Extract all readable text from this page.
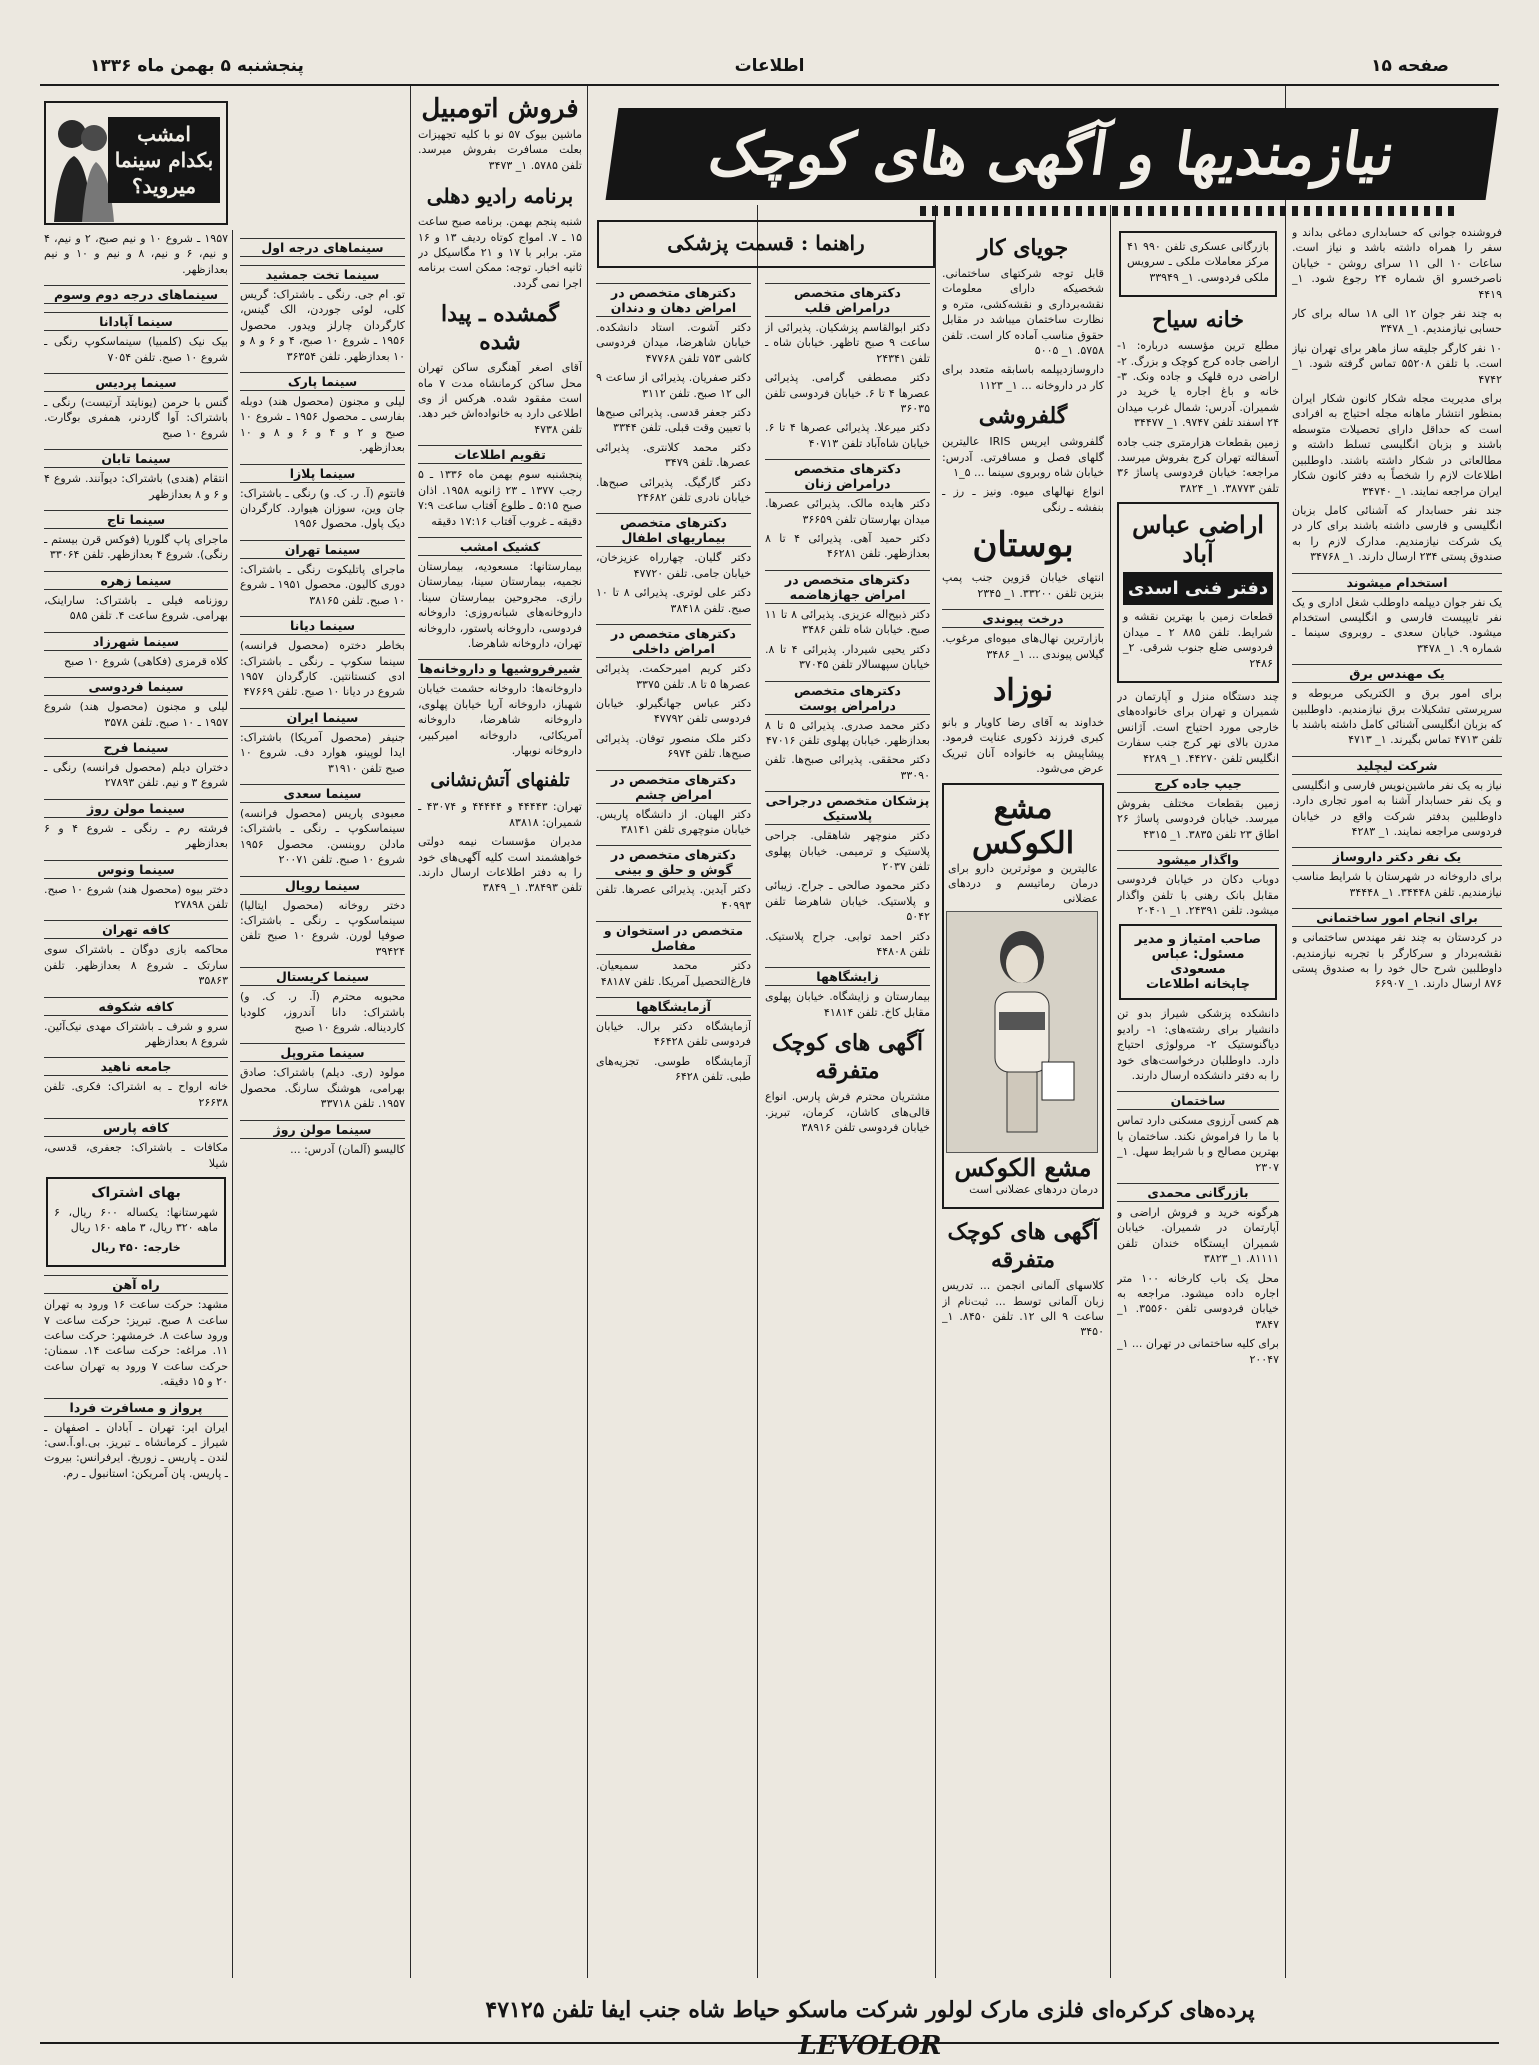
صفحه ۱۵
اطلاعات
پنجشنبه ۵ بهمن ماه ۱۳۳۶
نیازمندیها و آگهی های کوچک

فروشنده جوانی که حسابداری دماغی بداند و سفر را همراه داشته باشد و نیاز است. ساعات ۱۰ الی ۱۱ سرای روشن - خیابان ناصرخسرو اق شماره ۲۴ رجوع شود. ۱_ ۴۴۱۹

به چند نفر جوان ۱۲ الی ۱۸ ساله برای کار حسابی نیازمندیم. ۱_ ۳۴۷۸

۱۰ نفر کارگر جلیقه ساز ماهر برای تهران نیاز است. با تلفن ۵۵۲۰۸ تماس گرفته شود. ۱_ ۴۷۴۲

برای مدیریت مجله شکار کانون شکار ایران بمنظور انتشار ماهانه مجله احتیاج به افرادی است که حداقل دارای تحصیلات متوسطه باشند و بزبان انگلیسی تسلط داشته و مطالعاتی در شکار داشته باشند. داوطلبین اطلاعات لازم را شخصاً به دفتر کانون شکار ایران مراجعه نمایند. ۱_ ۳۴۷۴۰

جند نفر حسابدار که آشنائی کامل بزبان انگلیسی و فارسی داشته باشند برای کار در یک شرکت نیازمندیم. مدارک لازم را به صندوق پستی ۲۳۴ ارسال دارند. ۱_ ۳۴۷۶۸

استخدام میشوند

یک نفر جوان دیپلمه داوطلب شغل اداری و یک نفر تایپیست فارسی و انگلیسی استخدام میشود. خیابان سعدی ـ روبروی سینما ـ شماره ۹. ۱_ ۳۴۷۸

یک مهندس برق

برای امور برق و الکتریکی مربوطه و سرپرستی تشکیلات برق نیازمندیم. داوطلبین که بزبان انگلیسی آشنائی کامل داشته باشند با تلفن ۴۷۱۳ تماس بگیرند. ۱_ ۴۷۱۳

شرکت لیچلید

نیاز به یک نفر ماشین‌نویس فارسی و انگلیسی و یک نفر حسابدار آشنا به امور تجاری دارد. داوطلبین بدفتر شرکت واقع در خیابان فردوسی مراجعه نمایند. ۱_ ۴۲۸۳

یک نفر دکتر داروساز

برای داروخانه در شهرستان با شرایط مناسب نیازمندیم. تلفن ۳۴۴۴۸. ۱_ ۳۴۴۴۸

برای انجام امور ساختمانی

در کردستان به چند نفر مهندس ساختمانی و نقشه‌بردار و سرکارگر با تجربه نیازمندیم. داوطلبین شرح حال خود را به صندوق پستی ۸۷۶ ارسال دارند. ۱_ ۶۶۹۰۷

بازرگانی عسکری تلفن ۹۹۰ ۴۱ مرکز معاملات ملکی ـ سرویس ملکی فردوسی. ۱_ ۳۳۹۴۹

خانه سیاح

مطلع ترین مؤسسه درباره: ۱- اراضی جاده کرج کوچک و بزرگ. ۲- اراضی دره قلهک و جاده ونک. ۳- خانه و باغ اجاره یا خرید در شمیران. آدرس: شمال غرب میدان ۲۴ اسفند تلفن ۹۷۴۷. ۱_ ۳۴۴۷۷

زمین بقطعات هزارمتری جنب جاده آسفالته تهران کرج بفروش میرسد. مراجعه: خیابان فردوسی پاساژ ۳۶ تلفن ۳۸۷۷۳. ۱_ ۳۸۲۴

اراضی عباس آباد
دفتر فنی اسدی

قطعات زمین با بهترین نقشه و شرایط. تلفن ۸۸۵ ۲ ـ میدان فردوسی ضلع جنوب شرقی. ۲_ ۲۴۸۶

چند دستگاه منزل و آپارتمان در شمیران و تهران برای خانواده‌های خارجی مورد احتیاج است. آژانس مدرن بالای نهر کرج جنب سفارت انگلیس تلفن ۴۴۲۷۰. ۱_ ۴۲۸۹

جیپ جاده کرج

زمین بقطعات مختلف بفروش میرسد. خیابان فردوسی پاساژ ۲۶ اطاق ۲۳ تلفن ۳۸۳۵. ۱_ ۴۳۱۵

واگذار میشود

دوباب دکان در خیابان فردوسی مقابل بانک رهنی با تلفن واگذار میشود. تلفن ۲۴۳۹۱. ۱_ ۲۰۴۰۱

صاحب امتیاز و مدیر مسئول: عباس مسعودی
چاپخانه اطلاعات

دانشکده پزشکی شیراز بدو تن دانشیار برای رشته‌های: ۱- رادیو دیاگنوستیک ۲- مرولوژی احتیاج دارد. داوطلبان درخواست‌های خود را به دفتر دانشکده ارسال دارند.

ساختمان

هم کسی آرزوی مسکنی دارد تماس با ما را فراموش نکند. ساختمان با بهترین مصالح و با شرایط سهل. ۱_ ۲۳۰۷

بازرگانی محمدی

هرگونه خرید و فروش اراضی و آپارتمان در شمیران. خیابان شمیران ایستگاه خندان تلفن ۸۱۱۱۱. ۱_ ۳۸۲۳

محل یک باب کارخانه ۱۰۰ متر اجاره داده میشود. مراجعه به خیابان فردوسی تلفن ۳۵۵۶۰. ۱_ ۳۸۴۷

برای کلیه ساختمانی در تهران ... ۱_ ۲۰۰۴۷

جویای کار

قابل توجه شرکتهای ساختمانی. شخصیکه دارای معلومات نقشه‌برداری و نقشه‌کشی، متره و نظارت ساختمان میباشد در مقابل حقوق مناسب آماده کار است. تلفن ۵۷۵۸. ۱_ ۵۰۰۵

داروسازدیپلمه باسابقه متعدد برای کار در داروخانه ... ۱_ ۱۱۲۳

گلفروشی

گلفروشی ایریس IRIS عالیترین گلهای فصل و مسافرتی. آدرس: خیابان شاه روبروی سینما ... ۵_۱

انواع نهالهای میوه. ونیز ـ رز ـ بنفشه ـ رنگی

بوستان

انتهای خیابان قزوین جنب پمپ بنزین تلفن ۳۳۲۰۰. ۱_ ۲۳۴۵

درخت پیوندی

بازارترین نهال‌های میوه‌ای مرغوب. گیلاس پیوندی ... ۱_ ۳۴۸۶

نوزاد

خداوند به آقای رضا کاویار و بانو کبری فرزند ذکوری عنایت فرمود. پیشاپیش به خانواده آنان تبریک عرض می‌شود.

مشع الکوکس

عالیترین و موثرترین دارو برای درمان رماتیسم و دردهای عضلانی

مشع الکوکس

درمان دردهای عضلانی است

آگهی های کوچک متفرقه

کلاسهای آلمانی انجمن ... تدریس زبان آلمانی توسط ... ثبت‌نام از ساعت ۹ الی ۱۲. تلفن ۸۴۵۰. ۱_ ۳۴۵۰

راهنما : قسمت پزشکی
دکترهای متخصص درامراض قلب

دکتر ابوالقاسم پزشکیان. پذیرائی از ساعت ۹ صبح تاظهر. خیابان شاه ـ تلفن ۲۴۳۴۱

دکتر مصطفی گرامی. پذیرائی عصرها ۴ تا ۶. خیابان فردوسی تلفن ۳۶۰۳۵

دکتر میرعلا. پذیرائی عصرها ۴ تا ۶. خیابان شاه‌آباد تلفن ۴۰۷۱۳

دکترهای متخصص درامراض زنان

دکتر هایده مالک. پذیرائی عصرها. میدان بهارستان تلفن ۳۶۶۵۹

دکتر حمید آهی. پذیرائی ۴ تا ۸ بعدازظهر. تلفن ۴۶۲۸۱

دکترهای متخصص در امراض جهازهاضمه

دکتر ذبیح‌اله عزیزی. پذیرائی ۸ تا ۱۱ صبح. خیابان شاه تلفن ۳۴۸۶

دکتر یحیی شیردار. پذیرائی ۴ تا ۸. خیابان سپهسالار تلفن ۳۷۰۴۵

دکترهای متخصص درامراض پوست

دکتر محمد صدری. پذیرائی ۵ تا ۸ بعدازظهر. خیابان پهلوی تلفن ۴۷۰۱۶

دکتر محققی. پذیرائی صبح‌ها. تلفن ۳۳۰۹۰

پزشکان متخصص درجراحی پلاستیک

دکتر منوچهر شاهقلی. جراحی پلاستیک و ترمیمی. خیابان پهلوی تلفن ۲۰۳۷

دکتر محمود صالحی ـ جراح. زیبائی و پلاستیک. خیابان شاهرضا تلفن ۵۰۴۲

دکتر احمد توابی. جراح پلاستیک. تلفن ۴۴۸۰۸

زایشگاهها

بیمارستان و زایشگاه. خیابان پهلوی مقابل کاخ. تلفن ۴۱۸۱۴

آگهی های کوچک متفرقه

مشتریان محترم فرش پارس. انواع قالی‌های کاشان، کرمان، تبریز. خیابان فردوسی تلفن ۳۸۹۱۶

دکترهای متخصص در امراض دهان و دندان

دکتر آشوت. استاد دانشکده. خیابان شاهرضا، میدان فردوسی کاشی ۷۵۳ تلفن ۴۷۷۶۸

دکتر صفریان. پذیرائی از ساعت ۹ الی ۱۲ صبح. تلفن ۳۱۱۲

دکتر جعفر قدسی. پذیرائی صبح‌ها با تعیین وقت قبلی. تلفن ۳۳۴۴

دکتر محمد کلانتری. پذیرائی عصرها. تلفن ۳۴۷۹

دکتر گارگیگ. پذیرائی صبح‌ها. خیابان نادری تلفن ۲۴۶۸۲

دکترهای متخصص بیماریهای اطفال

دکتر گلیان. چهارراه عزیزخان، خیابان جامی. تلفن ۴۷۷۲۰

دکتر علی لوتری. پذیرائی ۸ تا ۱۰ صبح. تلفن ۳۸۴۱۸

دکترهای متخصص در امراض داخلی

دکتر کریم امیرحکمت. پذیرائی عصرها ۵ تا ۸. تلفن ۳۳۷۵

دکتر عباس جهانگیرلو. خیابان فردوسی تلفن ۴۷۷۹۲

دکتر ملک منصور توفان. پذیرائی صبح‌ها. تلفن ۶۹۷۴

دکترهای متخصص در امراض چشم

دکتر الهیان. از دانشگاه پاریس. خیابان منوچهری تلفن ۳۸۱۴۱

دکترهای متخصص در گوش و حلق و بینی

دکتر آیدین. پذیرائی عصرها. تلفن ۴۰۹۹۳

متخصص در استخوان و مفاصل

دکتر محمد سمیعیان. فارغ‌التحصیل آمریکا. تلفن ۴۸۱۸۷

آزمایشگاهها

آزمایشگاه دکتر برال. خیابان فردوسی تلفن ۴۶۴۲۸

آزمایشگاه طوسی. تجزیه‌های طبی. تلفن ۶۴۲۸

فروش اتومبیل

ماشین بیوک ۵۷ نو با کلیه تجهیزات بعلت مسافرت بفروش میرسد. تلفن ۵۷۸۵. ۱_ ۳۴۷۳

برنامه رادیو دهلی

شنبه پنجم بهمن. برنامه صبح ساعت ۱۵ ـ ۷. امواج کوتاه ردیف ۱۳ و ۱۶ متر. برابر با ۱۷ و ۲۱ مگاسیکل در ثانیه اخبار. توجه: ممکن است برنامه اجرا نمی گردد.

گمشده ـ پیدا شده

آقای اصغر آهنگری ساکن تهران محل ساکن کرمانشاه مدت ۷ ماه است مفقود شده. هرکس از وی اطلاعی دارد به خانواده‌اش خبر دهد. تلفن ۴۷۳۸

تقویم اطلاعات

پنجشنبه سوم بهمن ماه ۱۳۳۶ ـ ۵ رجب ۱۳۷۷ ـ ۲۳ ژانویه ۱۹۵۸. اذان صبح ۵:۱۵ ـ طلوع آفتاب ساعت ۷:۹ دقیقه ـ غروب آفتاب ۱۷:۱۶ دقیقه

کشیک امشب

بیمارستانها: مسعودیه، بیمارستان نجمیه، بیمارستان سینا، بیمارستان رازی. مجروحین بیمارستان سینا. داروخانه‌های شبانه‌روزی: داروخانه فردوسی، داروخانه پاستور، داروخانه تهران، داروخانه شاهرضا.

شیرفروشیها و داروخانه‌ها

داروخانه‌ها: داروخانه حشمت خیابان شهباز، داروخانه آریا خیابان پهلوی، داروخانه شاهرضا، داروخانه آمریکائی، داروخانه امیرکبیر، داروخانه نوبهار.

تلفنهای آتش‌نشانی

تهران: ۴۴۴۴۳ و ۴۴۴۴۴ و ۴۳۰۷۴ ـ شمیران: ۸۳۸۱۸

مدیران مؤسسات نیمه دولتی خواهشمند است کلیه آگهی‌های خود را به دفتر اطلاعات ارسال دارند. تلفن ۳۸۴۹۳. ۱_ ۳۸۴۹

سینماهای درجه اول
سینما تخت جمشید

تو. ام جی. رنگی ـ باشتراک: گریس کلی، لوئی جوردن، الک گینس، کارگردان چارلز ویدور. محصول ۱۹۵۶ ـ شروع ۱۰ صبح، ۴ و ۶ و ۸ و ۱۰ بعدازظهر. تلفن ۳۶۳۵۴

سینما پارک

لیلی و مجنون (محصول هند) دوبله بفارسی ـ محصول ۱۹۵۶ ـ شروع ۱۰ صبح و ۲ و ۴ و ۶ و ۸ و ۱۰ بعدازظهر.

سینما پلازا

فانتوم (آ. ر. ک. و) رنگی ـ باشتراک: جان وین، سوزان هیوارد. کارگردان دیک پاول. محصول ۱۹۵۶

سینما تهران

ماجرای پاتلیکوت رنگی ـ باشتراک: دوری کالیون. محصول ۱۹۵۱ ـ شروع ۱۰ صبح. تلفن ۳۸۱۶۵

سینما دیانا

بخاطر دختره (محصول فرانسه) سینما سکوپ ـ رنگی ـ باشتراک: ادی کنستانتین. کارگردان ۱۹۵۷ شروع در دیانا ۱۰ صبح. تلفن ۴۷۶۶۹

سینما ایران

جنیفر (محصول آمریکا) باشتراک: ایدا لوپینو، هوارد دف. شروع ۱۰ صبح تلفن ۳۱۹۱۰

سینما سعدی

معبودی پاریس (محصول فرانسه) سینماسکوپ ـ رنگی ـ باشتراک: مادلن روبنسن. محصول ۱۹۵۶ شروع ۱۰ صبح. تلفن ۲۰۰۷۱

سینما رویال

دختر روخانه (محصول ایتالیا) سینماسکوپ ـ رنگی ـ باشتراک: صوفیا لورن. شروع ۱۰ صبح تلفن ۳۹۴۲۴

سینما کریستال

محبوبه محترم (آ. ر. ک. و) باشتراک: دانا آندروز، کلودیا کاردیناله. شروع ۱۰ صبح

سینما متروپل

مولود (ری. دیلم) باشتراک: صادق بهرامی، هوشنگ سارنگ. محصول ۱۹۵۷. تلفن ۳۳۷۱۸

سینما مولن روژ

کالیسو (آلمان) آدرس: ...

امشب بکدام سینما میروید؟

۱۹۵۷ ـ شروع ۱۰ و نیم صبح، ۲ و نیم، ۴ و نیم، ۶ و نیم، ۸ و نیم و ۱۰ و نیم بعدازظهر.

سینماهای درجه دوم وسوم
سینما آپادانا

بیک نیک (کلمبیا) سینماسکوپ رنگی ـ شروع ۱۰ صبح. تلفن ۷۰۵۴

سینما پردیس

گنس با حرمن (یونایتد آرتیست) رنگی ـ باشتراک: آوا گاردنر، همفری بوگارت. شروع ۱۰ صبح

سینما تابان

انتقام (هندی) باشتراک: دیوآنند. شروع ۴ و ۶ و ۸ بعدازظهر

سینما تاج

ماجرای پاپ گلوریا (فوکس قرن بیستم ـ رنگی). شروع ۴ بعدازظهر. تلفن ۳۳۰۶۴

سینما زهره

روزنامه فیلی ـ باشتراک: ساراینک، بهرامی. شروع ساعت ۴. تلفن ۵۸۵

سینما شهرزاد

کلاه قرمزی (فکاهی) شروع ۱۰ صبح

سینما فردوسی

لیلی و مجنون (محصول هند) شروع ۱۹۵۷ ـ ۱۰ صبح. تلفن ۳۵۷۸

سینما فرح

دختران دیلم (محصول فرانسه) رنگی ـ شروع ۳ و نیم. تلفن ۲۷۸۹۳

سینما مولن روژ

فرشته رم ـ رنگی ـ شروع ۴ و ۶ بعدازظهر

سینما ونوس

دختر بیوه (محصول هند) شروع ۱۰ صبح. تلفن ۲۷۸۹۸

کافه تهران

محاکمه بازی دوگان ـ باشتراک سوی سارتک ـ شروع ۸ بعدازظهر. تلفن ۳۵۸۶۳

کافه شکوفه

سرو و شرف ـ باشتراک مهدی نیک‌آئین. شروع ۸ بعدازظهر

جامعه ناهید

خانه ارواح ـ به اشتراک: فکری. تلفن ۲۶۶۳۸

کافه پارس

مکافات ـ باشتراک: جعفری، قدسی، شیلا

بهای اشتراک

شهرستانها: یکساله ۶۰۰ ریال، ۶ ماهه ۳۲۰ ریال، ۳ ماهه ۱۶۰ ریال

خارجه: ۴۵۰ ریال

راه آهن

مشهد: حرکت ساعت ۱۶ ورود به تهران ساعت ۸ صبح. تبریز: حرکت ساعت ۷ ورود ساعت ۸. خرمشهر: حرکت ساعت ۱۱. مراغه: حرکت ساعت ۱۴. سمنان: حرکت ساعت ۷ ورود به تهران ساعت ۲۰ و ۱۵ دقیقه.

پرواز و مسافرت فردا

ایران ایر: تهران ـ آبادان ـ اصفهان ـ شیراز ـ کرمانشاه ـ تبریز. بی.او.آ.سی: لندن ـ پاریس ـ زوریخ. ایرفرانس: بیروت ـ پاریس. پان آمریکن: استانبول ـ رم.

پرده‌های کرکره‌ای فلزی مارک لولور شرکت ماسکو حیاط شاه جنب ایفا تلفن ۴۷۱۲۵ LEVOLOR
